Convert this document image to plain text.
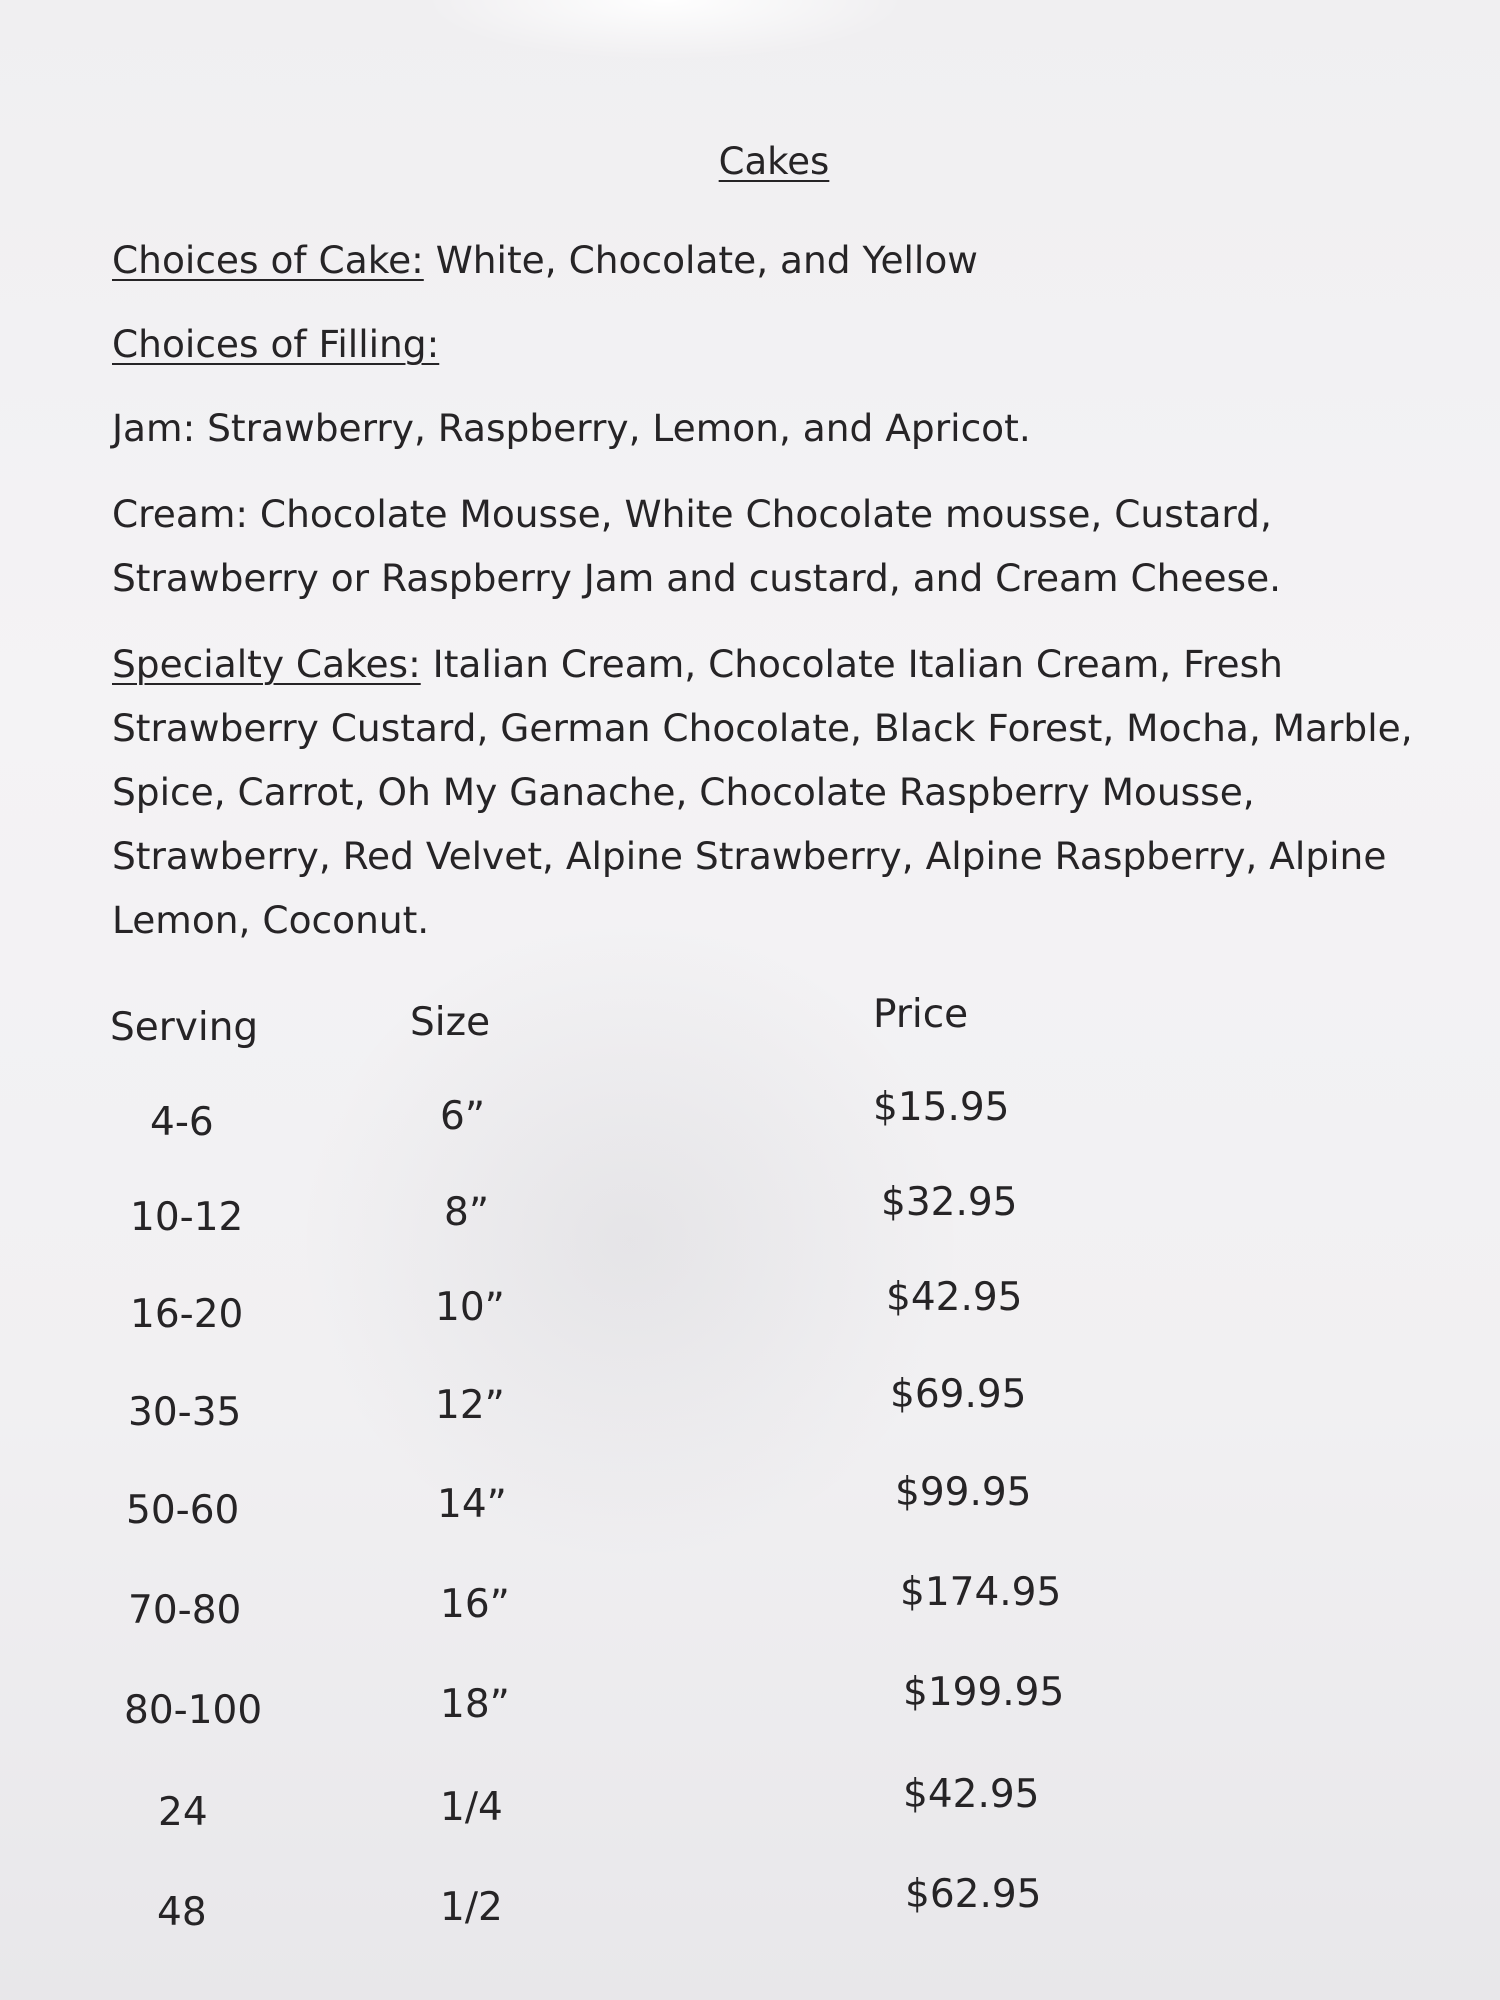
Cakes
Choices of Cake: White, Chocolate, and Yellow
Choices of Filling:
Jam: Strawberry, Raspberry, Lemon, and Apricot.
Cream: Chocolate Mousse, White Chocolate mousse, Custard,
Strawberry or Raspberry Jam and custard, and Cream Cheese.
Specialty Cakes: Italian Cream, Chocolate Italian Cream, Fresh
Strawberry Custard, German Chocolate, Black Forest, Mocha, Marble,
Spice, Carrot, Oh My Ganache, Chocolate Raspberry Mousse,
Strawberry, Red Velvet, Alpine Strawberry, Alpine Raspberry, Alpine
Lemon, Coconut.
Serving	Size	Price
4-6	6”	$15.95
10-12	8”	$32.95
16-20	10”	$42.95
30-35	12”	$69.95
50-60	14”	$99.95
70-80	16”	$174.95
80-100	18”	$199.95
24	1/4	$42.95
48	1/2	$62.95
